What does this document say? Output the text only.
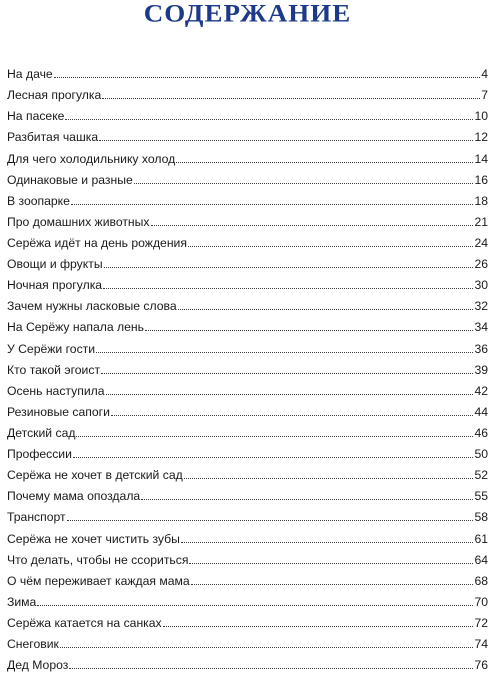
СОДЕРЖАНИЕ
На даче	4
Лесная прогулка	7
На пасеке	10
Разбитая чашка	12
Для чего холодильнику холод	14
Одинаковые и разные	16
В зоопарке	18
Про домашних животных	21
Серёжа идёт на день рождения	24
Овощи и фрукты	26
Ночная прогулка	30
Зачем нужны ласковые слова	32
На Серёжу напала лень	34
У Серёжи гости	36
Кто такой эгоист	39
Осень наступила	42
Резиновые сапоги	44
Детский сад	46
Профессии	50
Серёжа не хочет в детский сад	52
Почему мама опоздала	55
Транспорт	58
Серёжа не хочет чистить зубы	61
Что делать, чтобы не ссориться	64
О чём переживает каждая мама	68
Зима	70
Серёжа катается на санках	72
Снеговик	74
Дед Мороз	76
